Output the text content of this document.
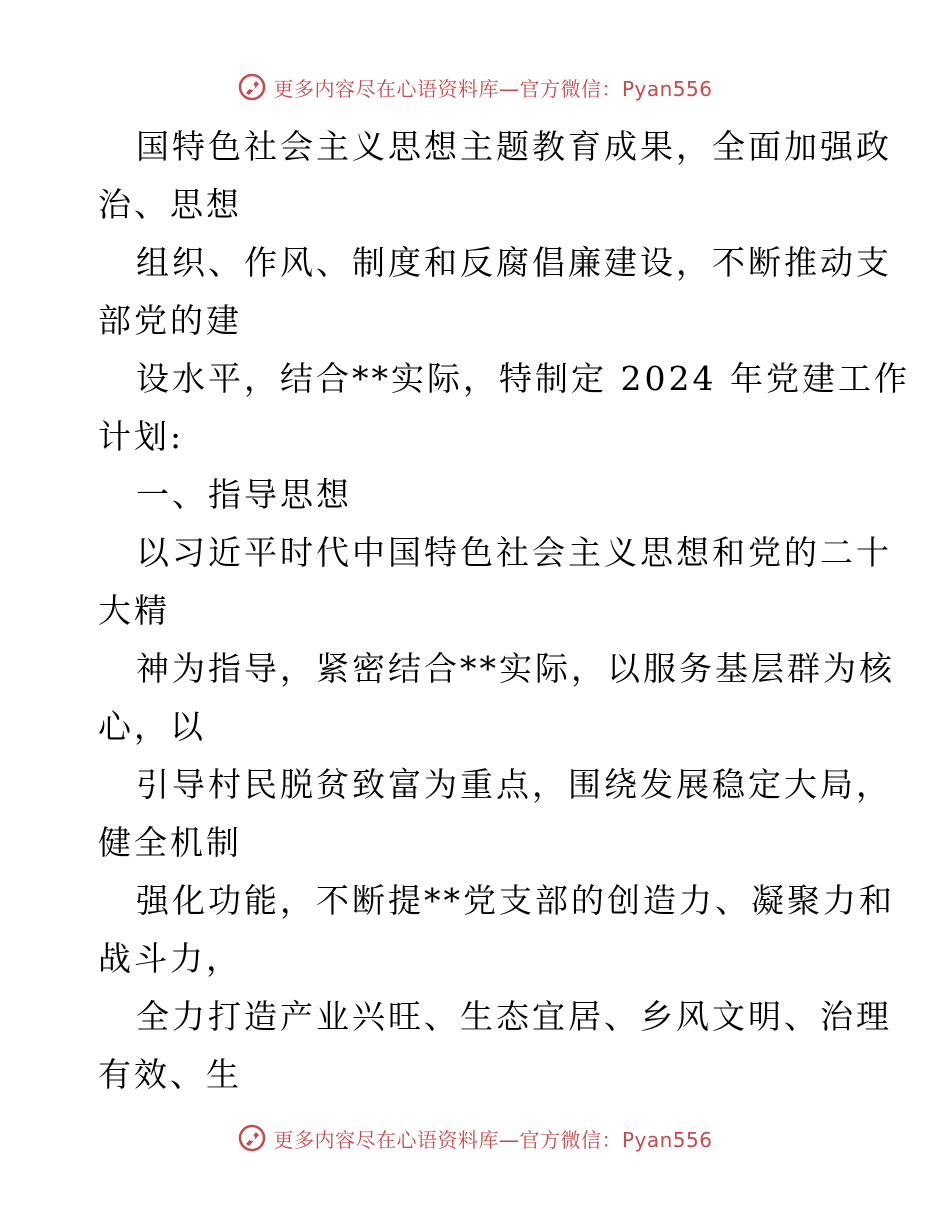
更多内容尽在心语资料库—官方微信：Pyan556
国特色社会主义思想主题教育成果，全面加强政
治、思想
组织、作风、制度和反腐倡廉建设，不断推动支
部党的建
设水平，结合**实际，特制定 2024 年党建工作
计划:
一、指导思想
以习近平时代中国特色社会主义思想和党的二十
大精
神为指导，紧密结合**实际，以服务基层群为核
心，以
引导村民脱贫致富为重点，围绕发展稳定大局，
健全机制
强化功能，不断提**党支部的创造力、凝聚力和
战斗力，
全力打造产业兴旺、生态宜居、乡风文明、治理
有效、生
更多内容尽在心语资料库—官方微信：Pyan556
